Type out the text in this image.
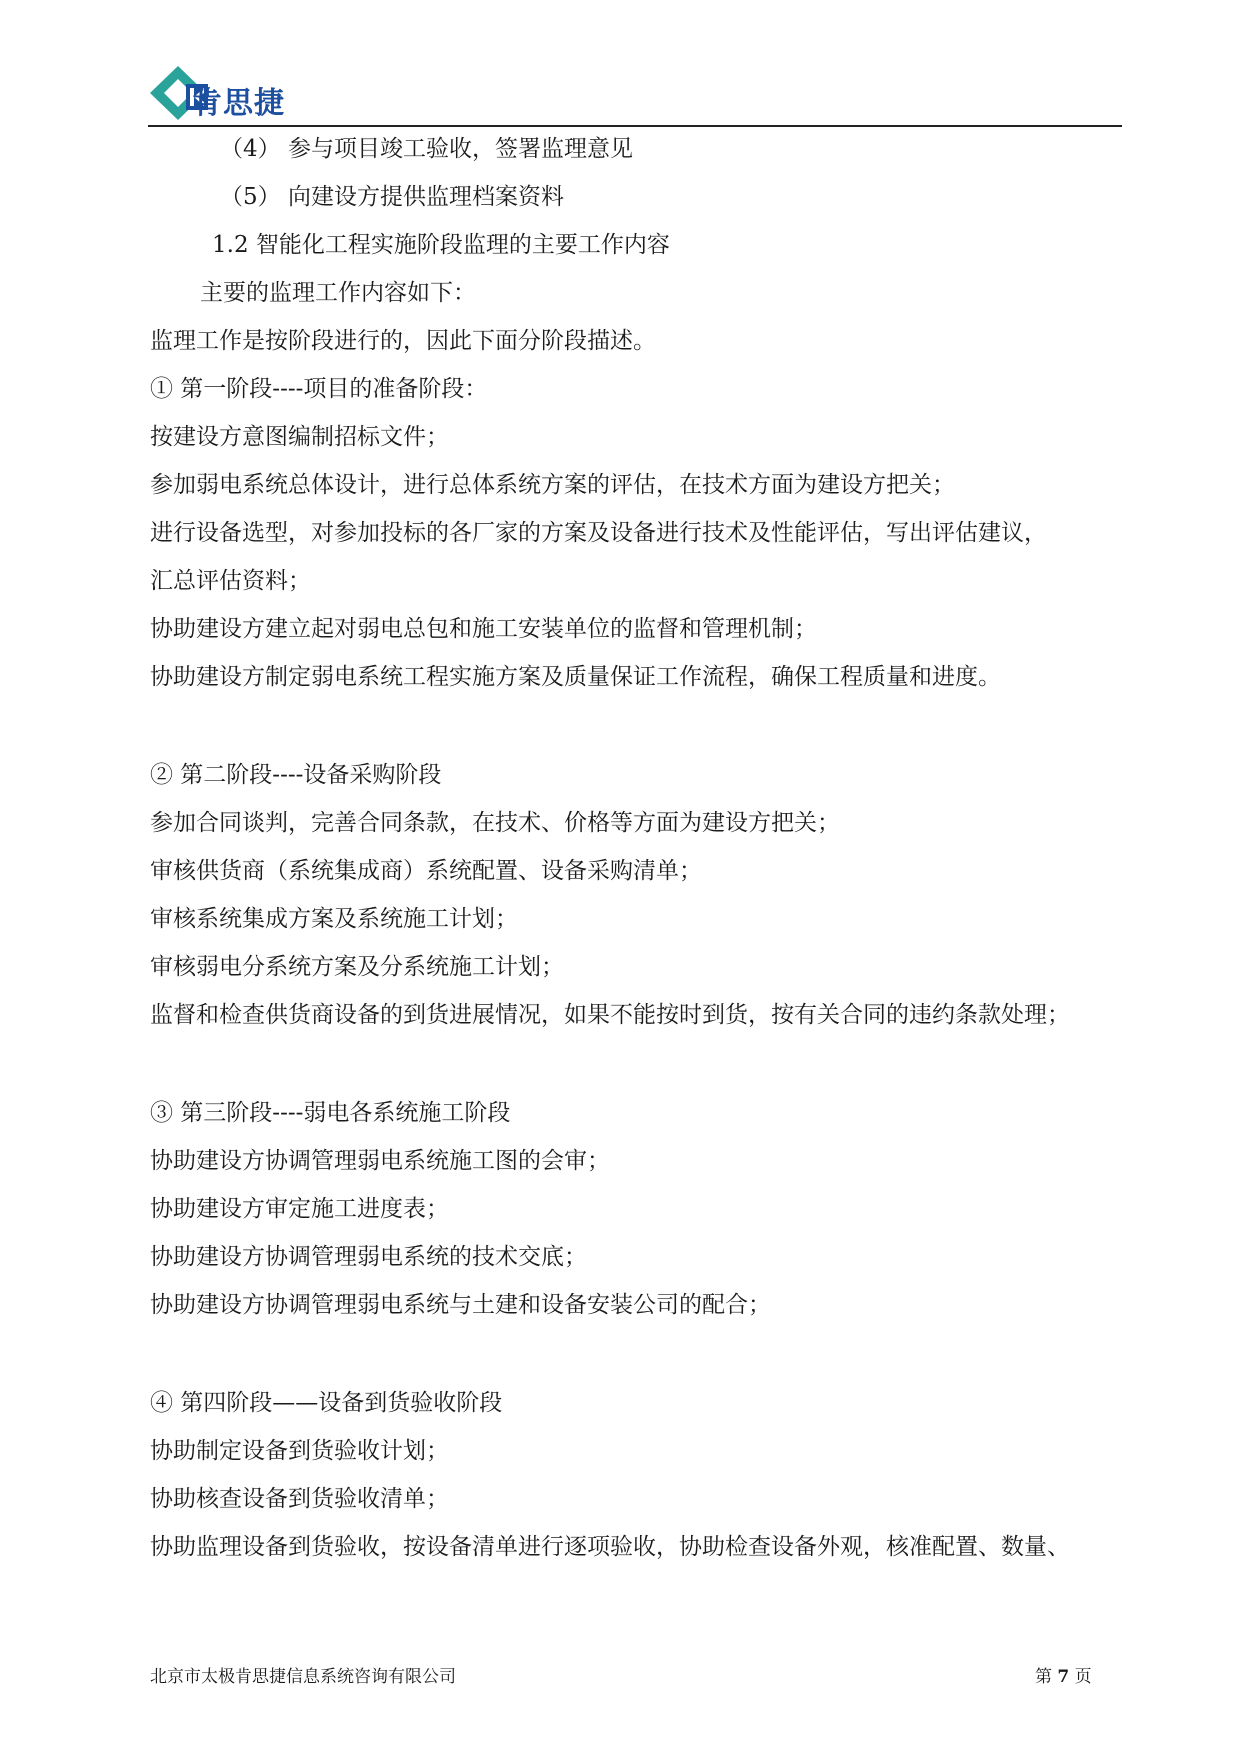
肯思捷
（4） 参与项目竣工验收，签署监理意见
（5） 向建设方提供监理档案资料
1.2 智能化工程实施阶段监理的主要工作内容
主要的监理工作内容如下：
监理工作是按阶段进行的，因此下面分阶段描述。
① 第一阶段----项目的准备阶段：
按建设方意图编制招标文件；
参加弱电系统总体设计，进行总体系统方案的评估，在技术方面为建设方把关；
进行设备选型，对参加投标的各厂家的方案及设备进行技术及性能评估，写出评估建议，
汇总评估资料；
协助建设方建立起对弱电总包和施工安装单位的监督和管理机制；
协助建设方制定弱电系统工程实施方案及质量保证工作流程，确保工程质量和进度。
② 第二阶段----设备采购阶段
参加合同谈判，完善合同条款，在技术、价格等方面为建设方把关；
审核供货商（系统集成商）系统配置、设备采购清单；
审核系统集成方案及系统施工计划；
审核弱电分系统方案及分系统施工计划；
监督和检查供货商设备的到货进展情况，如果不能按时到货，按有关合同的违约条款处理；
③ 第三阶段----弱电各系统施工阶段
协助建设方协调管理弱电系统施工图的会审；
协助建设方审定施工进度表；
协助建设方协调管理弱电系统的技术交底；
协助建设方协调管理弱电系统与土建和设备安装公司的配合；
④ 第四阶段——设备到货验收阶段
协助制定设备到货验收计划；
协助核查设备到货验收清单；
协助监理设备到货验收，按设备清单进行逐项验收，协助检查设备外观，核准配置、数量、
北京市太极肯思捷信息系统咨询有限公司	第 7 页
